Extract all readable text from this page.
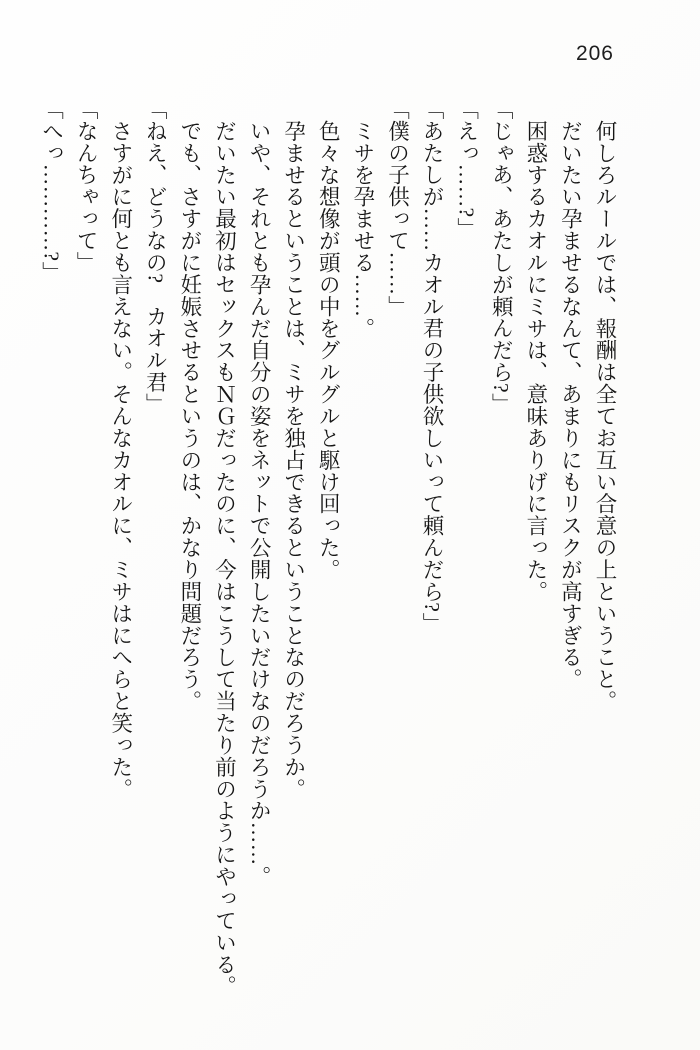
206

何しろルールでは、報酬は全てお互い合意の上ということ。

だいたい孕ませるなんて、あまりにもリスクが高すぎる。

困惑するカオルにミサは、意味ありげに言った。

「じゃあ、あたしが頼んだら?」

「えっ……?」

「あたしが……カオル君の子供欲しいって頼んだら?」

「僕の子供って……」

ミサを孕ませる……。

色々な想像が頭の中をグルグルと駆け回った。

孕ませるということは、ミサを独占できるということなのだろうか。

いや、それとも孕んだ自分の姿をネットで公開したいだけなのだろうか……。

だいたい最初はセックスもＮＧだったのに、今はこうして当たり前のようにやっている。

でも、さすがに妊娠させるというのは、かなり問題だろう。

「ねえ、どうなの?　カオル君」

さすがに何とも言えない。そんなカオルに、ミサはにへらと笑った。

「なんちゃって」

「へっ…………?」
